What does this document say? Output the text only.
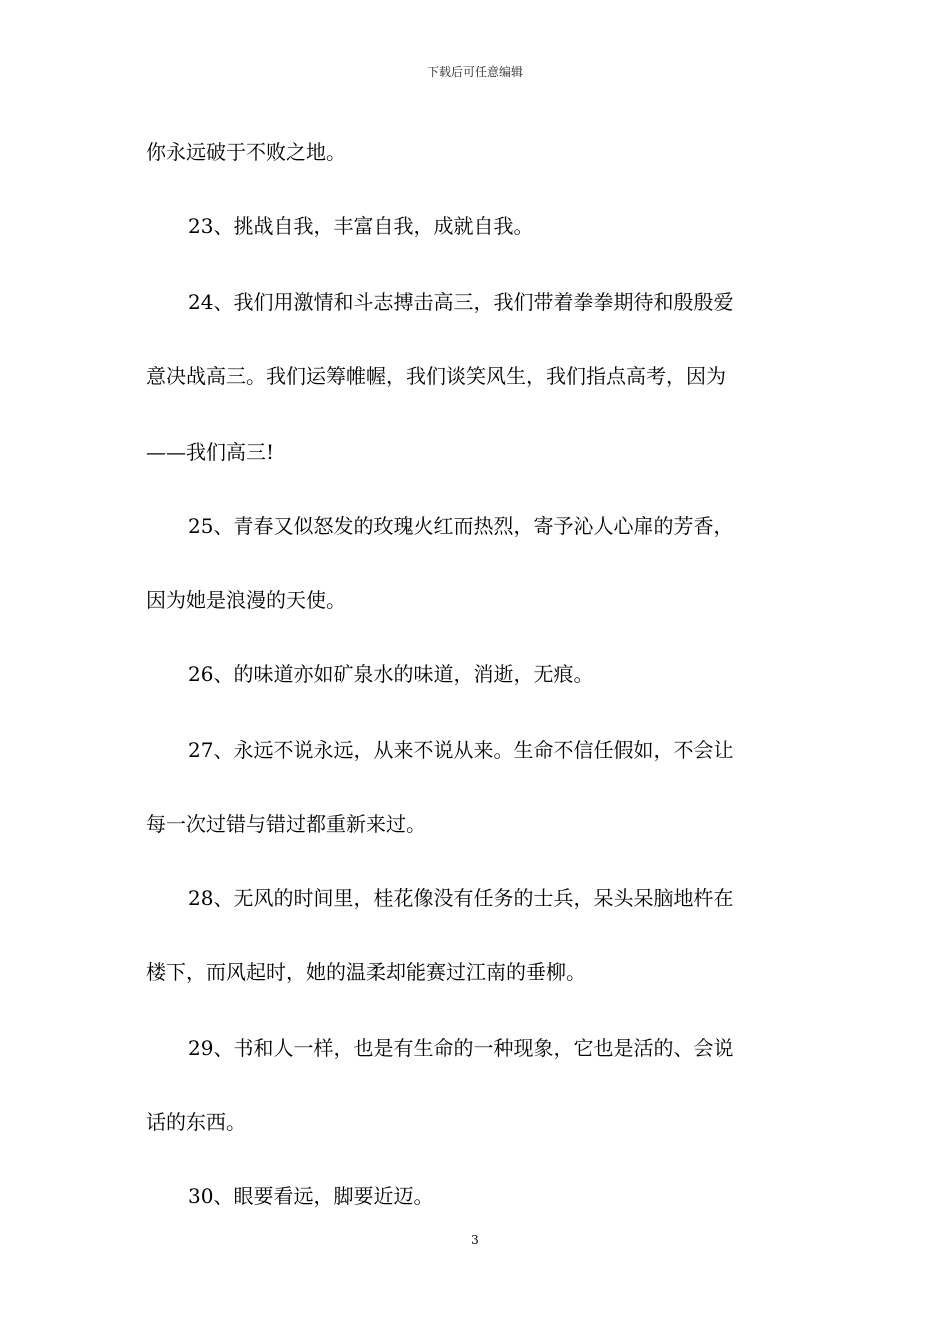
下载后可任意编辑
你永远破于不败之地。
23、挑战自我，丰富自我，成就自我。
24、我们用激情和斗志搏击高三，我们带着拳拳期待和殷殷爱
意决战高三。我们运筹帷幄，我们谈笑风生，我们指点高考，因为
——我们高三!
25、青春又似怒发的玫瑰火红而热烈，寄予沁人心扉的芳香，
因为她是浪漫的天使。
26、的味道亦如矿泉水的味道，消逝，无痕。
27、永远不说永远，从来不说从来。生命不信任假如，不会让
每一次过错与错过都重新来过。
28、无风的时间里，桂花像没有任务的士兵，呆头呆脑地杵在
楼下，而风起时，她的温柔却能赛过江南的垂柳。
29、书和人一样，也是有生命的一种现象，它也是活的、会说
话的东西。
30、眼要看远，脚要近迈。
3
